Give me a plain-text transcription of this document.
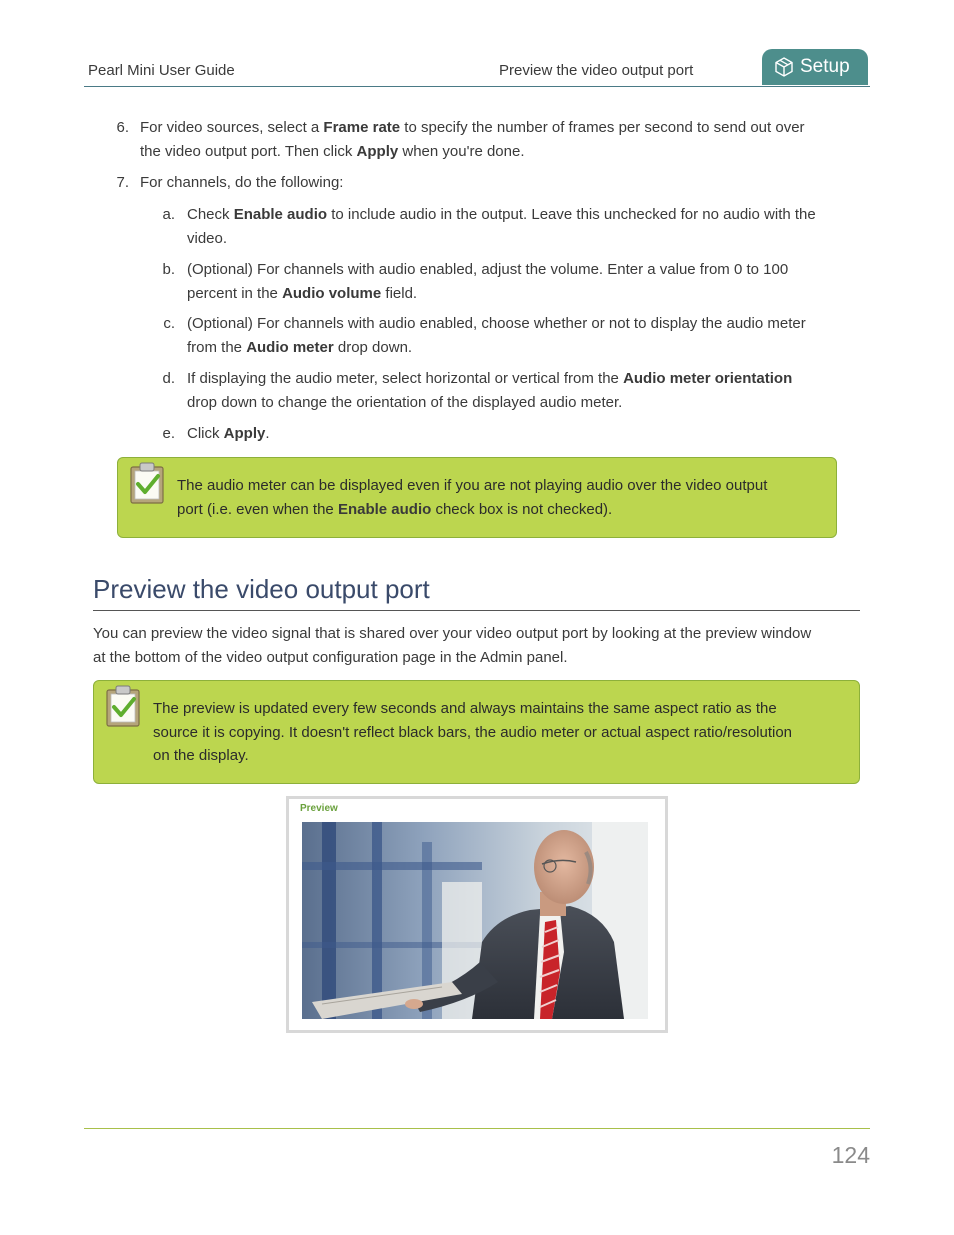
Pearl Mini User Guide	Preview the video output port	Setup
6. For video sources, select a Frame rate to specify the number of frames per second to send out over
the video output port. Then click Apply when you're done.
7. For channels, do the following:
a. Check Enable audio to include audio in the output. Leave this unchecked for no audio with the
video.
b. (Optional) For channels with audio enabled, adjust the volume. Enter a value from 0 to 100
percent in the Audio volume field.
c. (Optional) For channels with audio enabled, choose whether or not to display the audio meter
from the Audio meter drop down.
d. If displaying the audio meter, select horizontal or vertical from the Audio meter orientation
drop down to change the orientation of the displayed audio meter.
e. Click Apply.
The audio meter can be displayed even if you are not playing audio over the video output
port (i.e. even when the Enable audio check box is not checked).
Preview the video output port
You can preview the video signal that is shared over your video output port by looking at the preview window
at the bottom of the video output configuration page in the Admin panel.
The preview is updated every few seconds and always maintains the same aspect ratio as the
source it is copying. It doesn't reflect black bars, the audio meter or actual aspect ratio/resolution
on the display.
Preview
124
